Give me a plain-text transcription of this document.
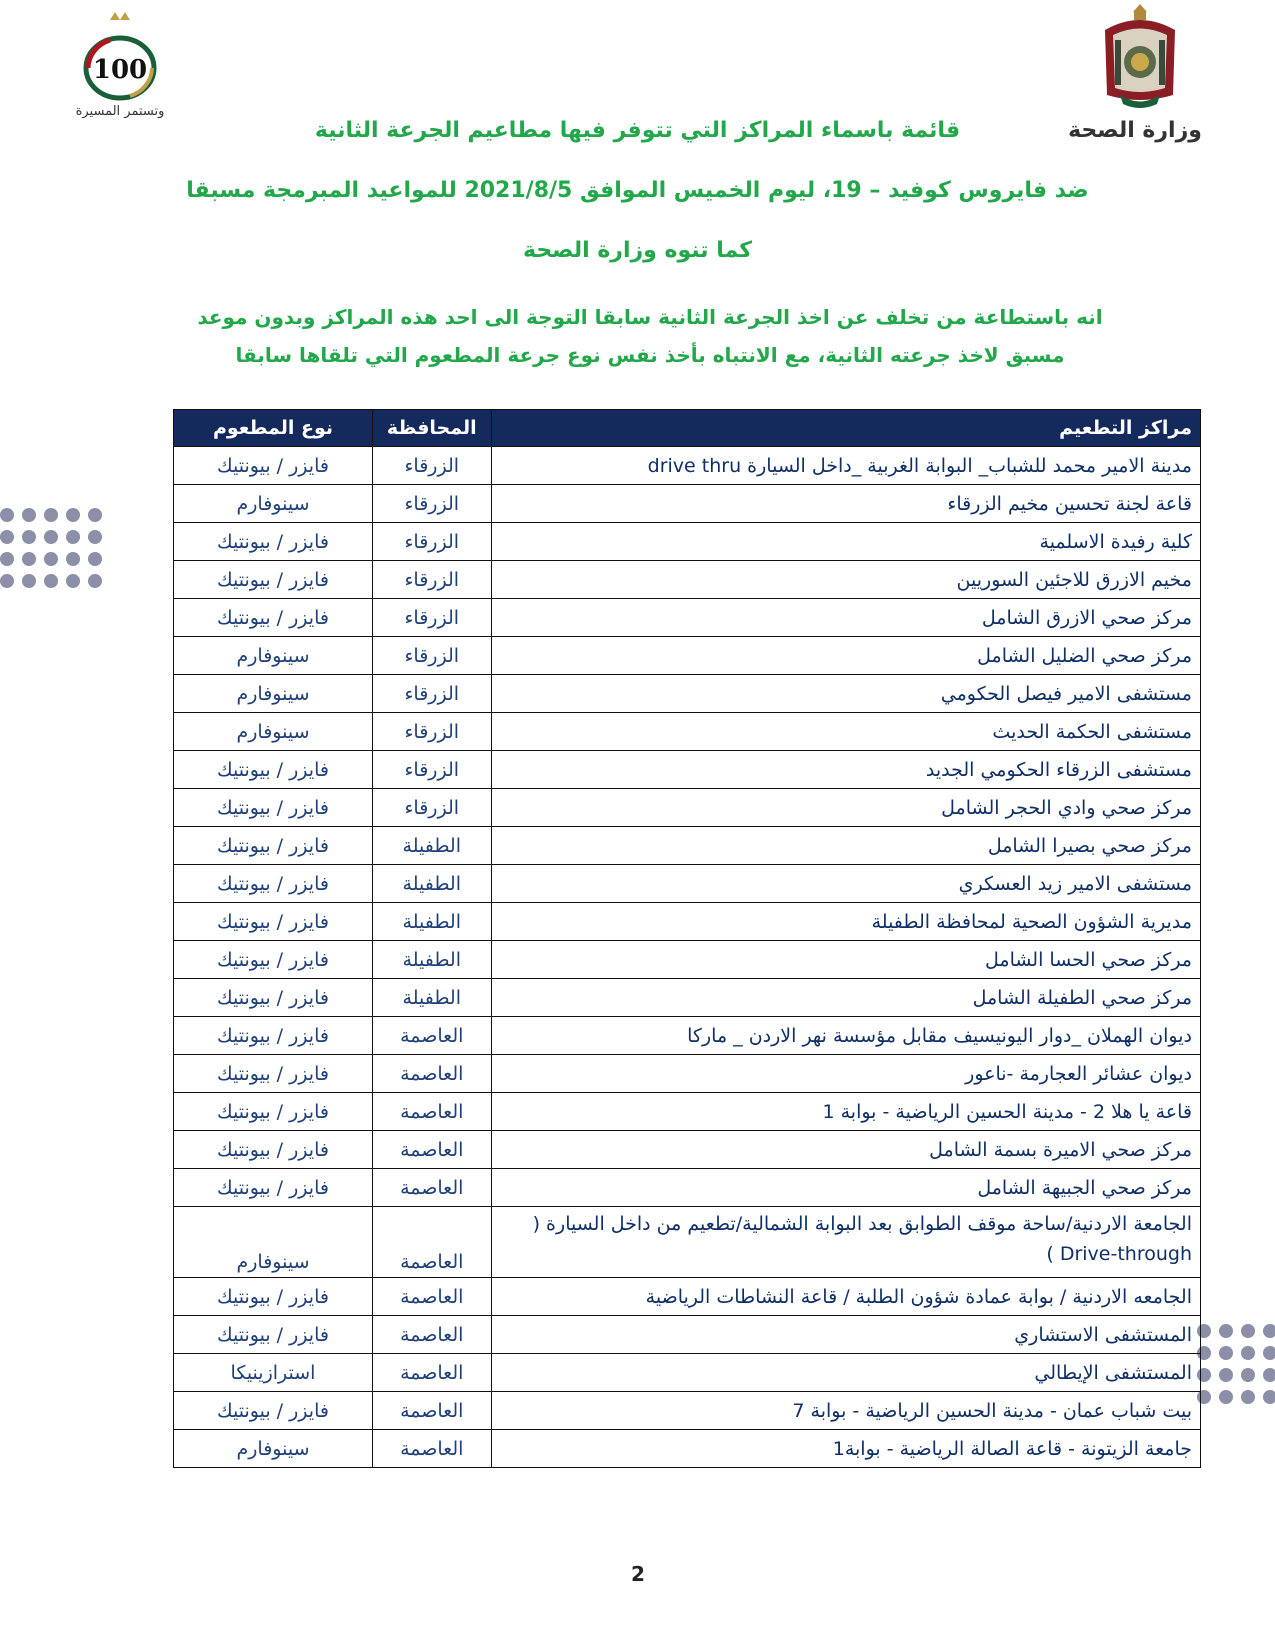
وزارة الصحة
100
وتستمر المسيرة
قائمة باسماء المراكز التي تتوفر فيها مطاعيم الجرعة الثانية
ضد فايروس كوفيد – 19، ليوم الخميس الموافق 2021/8/5 للمواعيد المبرمجة مسبقا
كما تنوه وزارة الصحة
انه باستطاعة من تخلف عن اخذ الجرعة الثانية سابقا التوجة الى احد هذه المراكز وبدون موعد
مسبق لاخذ جرعته الثانية، مع الانتباه بأخذ نفس نوع جرعة المطعوم التي تلقاها سابقا
مراكز التطعيم	المحافظة	نوع المطعوم
مدينة الامير محمد للشباب_ البوابة الغربية _داخل السيارة drive thru	الزرقاء	فايزر / بيونتيك
قاعة لجنة تحسين مخيم الزرقاء	الزرقاء	سينوفارم
كلية رفيدة الاسلمية	الزرقاء	فايزر / بيونتيك
مخيم الازرق للاجئين السوريين	الزرقاء	فايزر / بيونتيك
مركز صحي الازرق الشامل	الزرقاء	فايزر / بيونتيك
مركز صحي الضليل الشامل	الزرقاء	سينوفارم
مستشفى الامير فيصل الحكومي	الزرقاء	سينوفارم
مستشفى الحكمة الحديث	الزرقاء	سينوفارم
مستشفى الزرقاء الحكومي الجديد	الزرقاء	فايزر / بيونتيك
مركز صحي وادي الحجر الشامل	الزرقاء	فايزر / بيونتيك
مركز صحي بصيرا الشامل	الطفيلة	فايزر / بيونتيك
مستشفى الامير زيد العسكري	الطفيلة	فايزر / بيونتيك
مديرية الشؤون الصحية لمحافظة الطفيلة	الطفيلة	فايزر / بيونتيك
مركز صحي الحسا الشامل	الطفيلة	فايزر / بيونتيك
مركز صحي الطفيلة الشامل	الطفيلة	فايزر / بيونتيك
ديوان الهملان _دوار اليونيسيف مقابل مؤسسة نهر الاردن _ ماركا	العاصمة	فايزر / بيونتيك
ديوان عشائر العجارمة -ناعور	العاصمة	فايزر / بيونتيك
قاعة يا هلا 2 - مدينة الحسين الرياضية - بوابة 1	العاصمة	فايزر / بيونتيك
مركز صحي الاميرة بسمة الشامل	العاصمة	فايزر / بيونتيك
مركز صحي الجبيهة الشامل	العاصمة	فايزر / بيونتيك
الجامعة الاردنية/ساحة موقف الطوابق بعد البوابة الشمالية/تطعيم من داخل السيارة ( Drive-through )	العاصمة	سينوفارم
الجامعه الاردنية / بوابة عمادة شؤون الطلبة / قاعة النشاطات الرياضية	العاصمة	فايزر / بيونتيك
المستشفى الاستشاري	العاصمة	فايزر / بيونتيك
المستشفى الإيطالي	العاصمة	استرازينيكا
بيت شباب عمان - مدينة الحسين الرياضية - بوابة 7	العاصمة	فايزر / بيونتيك
جامعة الزيتونة - قاعة الصالة الرياضية - بوابة1	العاصمة	سينوفارم
2
